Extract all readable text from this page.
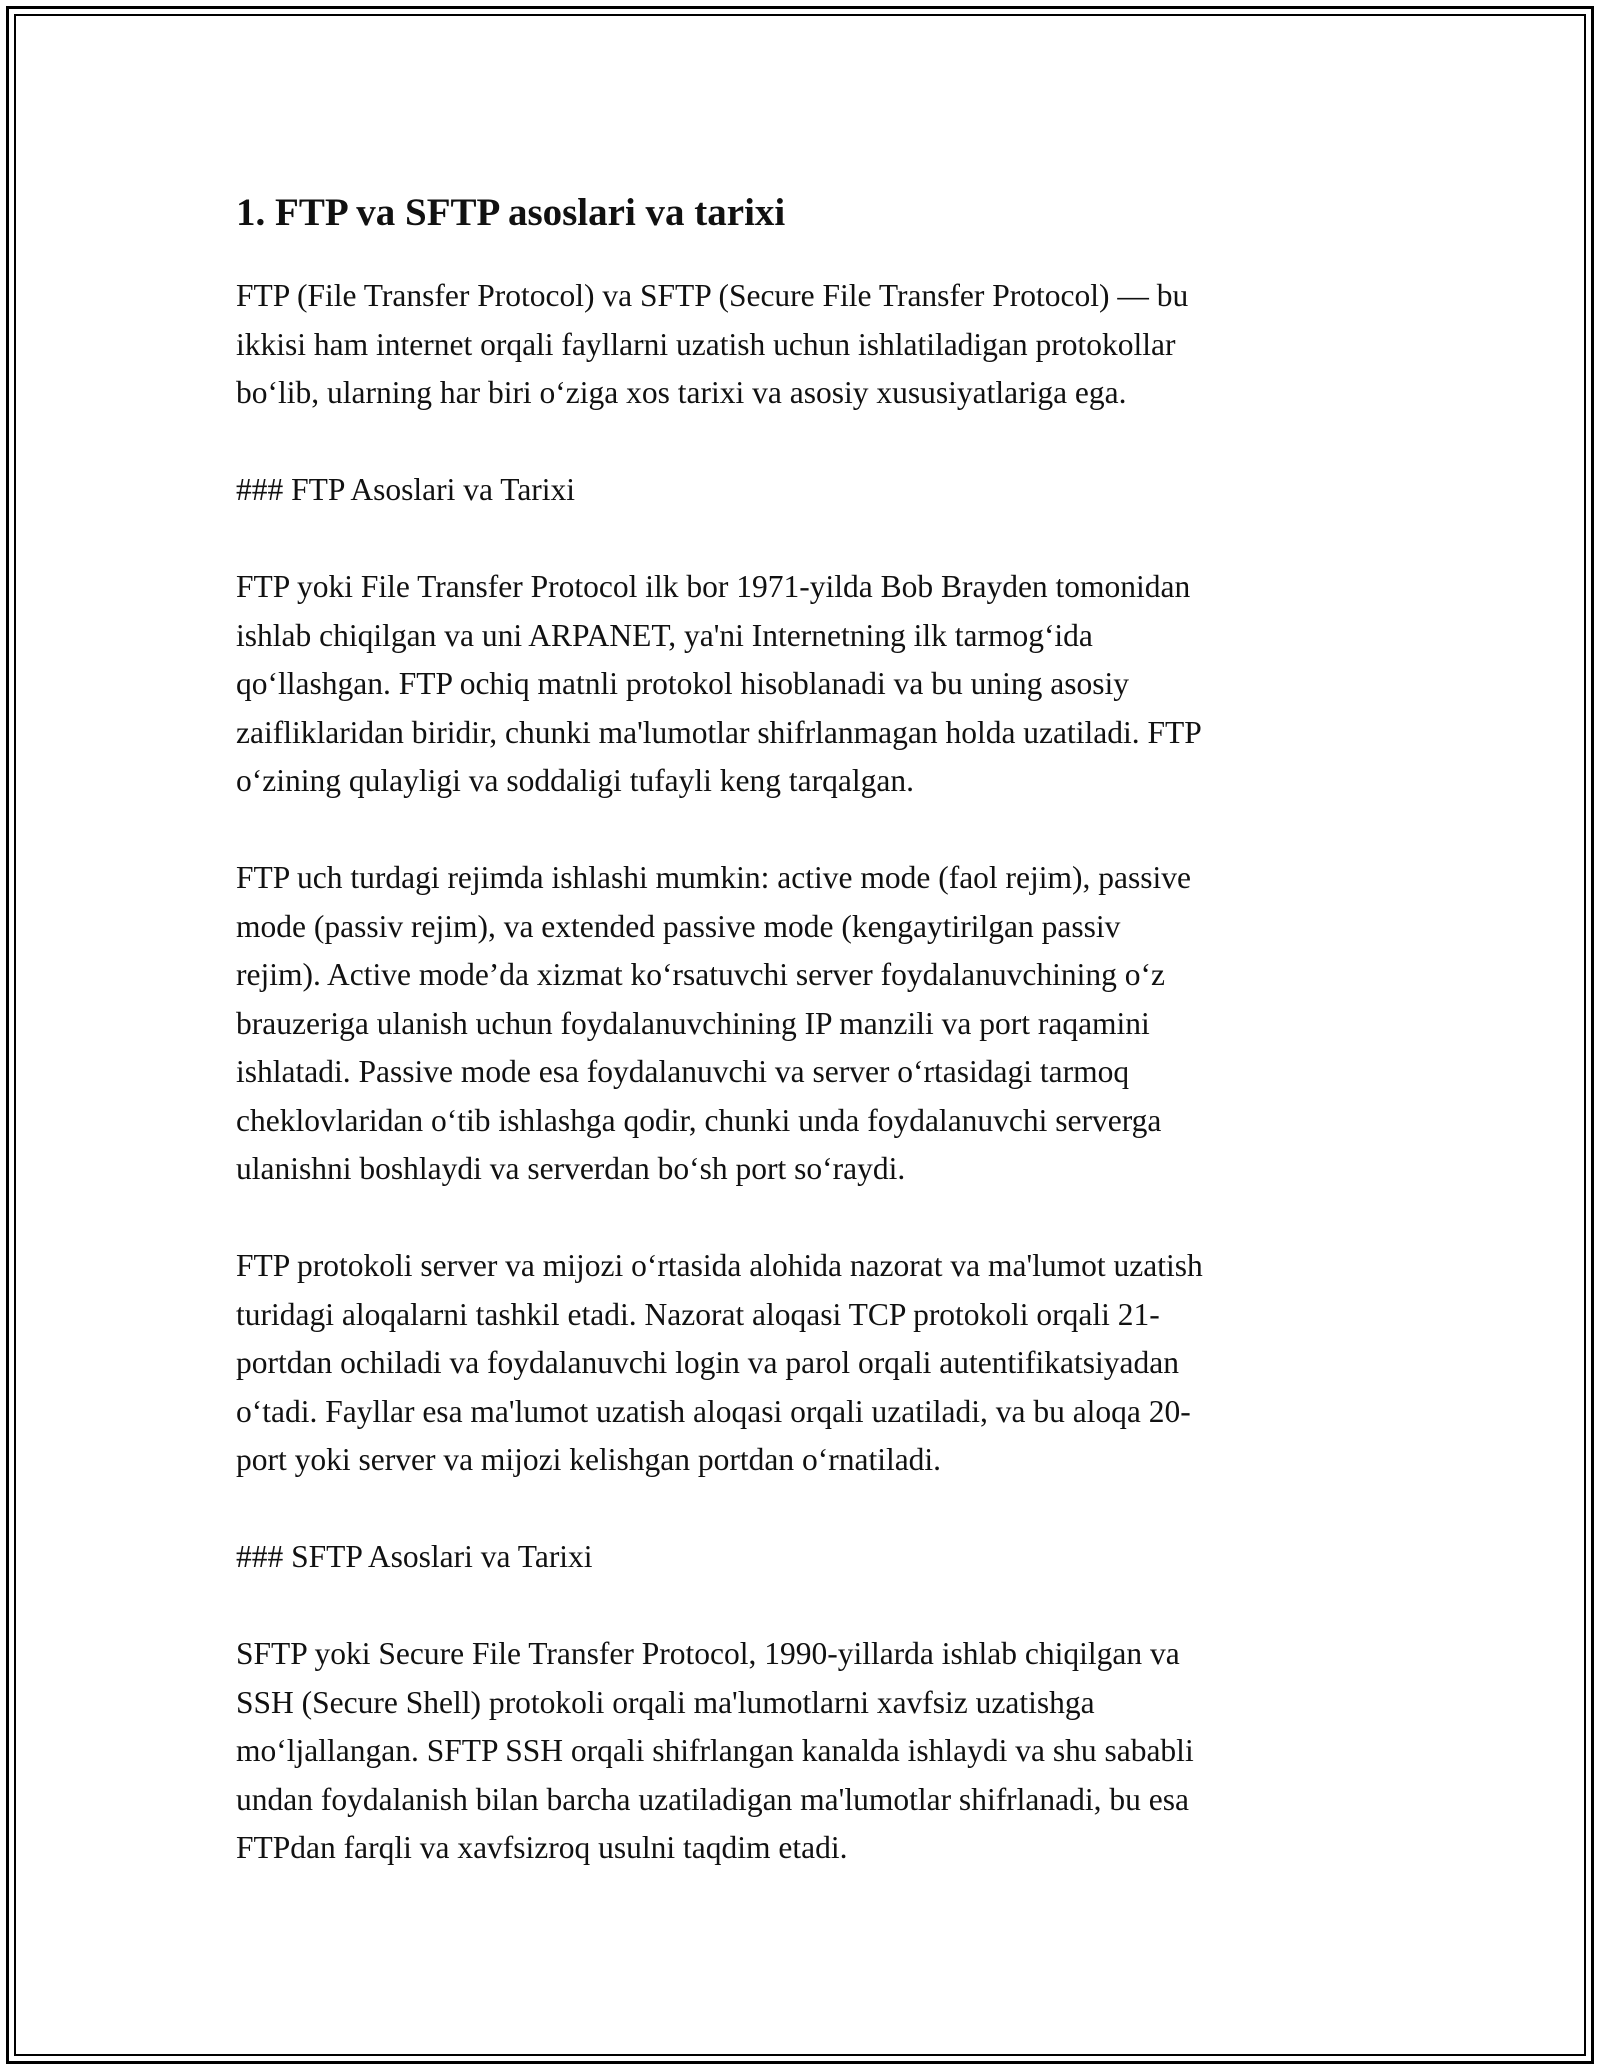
1. FTP va SFTP asoslari va tarixi

FTP (File Transfer Protocol) va SFTP (Secure File Transfer Protocol) — bu
ikkisi ham internet orqali fayllarni uzatish uchun ishlatiladigan protokollar
bo‘lib, ularning har biri o‘ziga xos tarixi va asosiy xususiyatlariga ega.

### FTP Asoslari va Tarixi

FTP yoki File Transfer Protocol ilk bor 1971-yilda Bob Brayden tomonidan
ishlab chiqilgan va uni ARPANET, ya'ni Internetning ilk tarmog‘ida
qo‘llashgan. FTP ochiq matnli protokol hisoblanadi va bu uning asosiy
zaifliklaridan biridir, chunki ma'lumotlar shifrlanmagan holda uzatiladi. FTP
o‘zining qulayligi va soddaligi tufayli keng tarqalgan.

FTP uch turdagi rejimda ishlashi mumkin: active mode (faol rejim), passive
mode (passiv rejim), va extended passive mode (kengaytirilgan passiv
rejim). Active mode’da xizmat ko‘rsatuvchi server foydalanuvchining o‘z
brauzeriga ulanish uchun foydalanuvchining IP manzili va port raqamini
ishlatadi. Passive mode esa foydalanuvchi va server o‘rtasidagi tarmoq
cheklovlaridan o‘tib ishlashga qodir, chunki unda foydalanuvchi serverga
ulanishni boshlaydi va serverdan bo‘sh port so‘raydi.

FTP protokoli server va mijozi o‘rtasida alohida nazorat va ma'lumot uzatish
turidagi aloqalarni tashkil etadi. Nazorat aloqasi TCP protokoli orqali 21-
portdan ochiladi va foydalanuvchi login va parol orqali autentifikatsiyadan
o‘tadi. Fayllar esa ma'lumot uzatish aloqasi orqali uzatiladi, va bu aloqa 20-
port yoki server va mijozi kelishgan portdan o‘rnatiladi.

### SFTP Asoslari va Tarixi

SFTP yoki Secure File Transfer Protocol, 1990-yillarda ishlab chiqilgan va
SSH (Secure Shell) protokoli orqali ma'lumotlarni xavfsiz uzatishga
mo‘ljallangan. SFTP SSH orqali shifrlangan kanalda ishlaydi va shu sababli
undan foydalanish bilan barcha uzatiladigan ma'lumotlar shifrlanadi, bu esa
FTPdan farqli va xavfsizroq usulni taqdim etadi.
